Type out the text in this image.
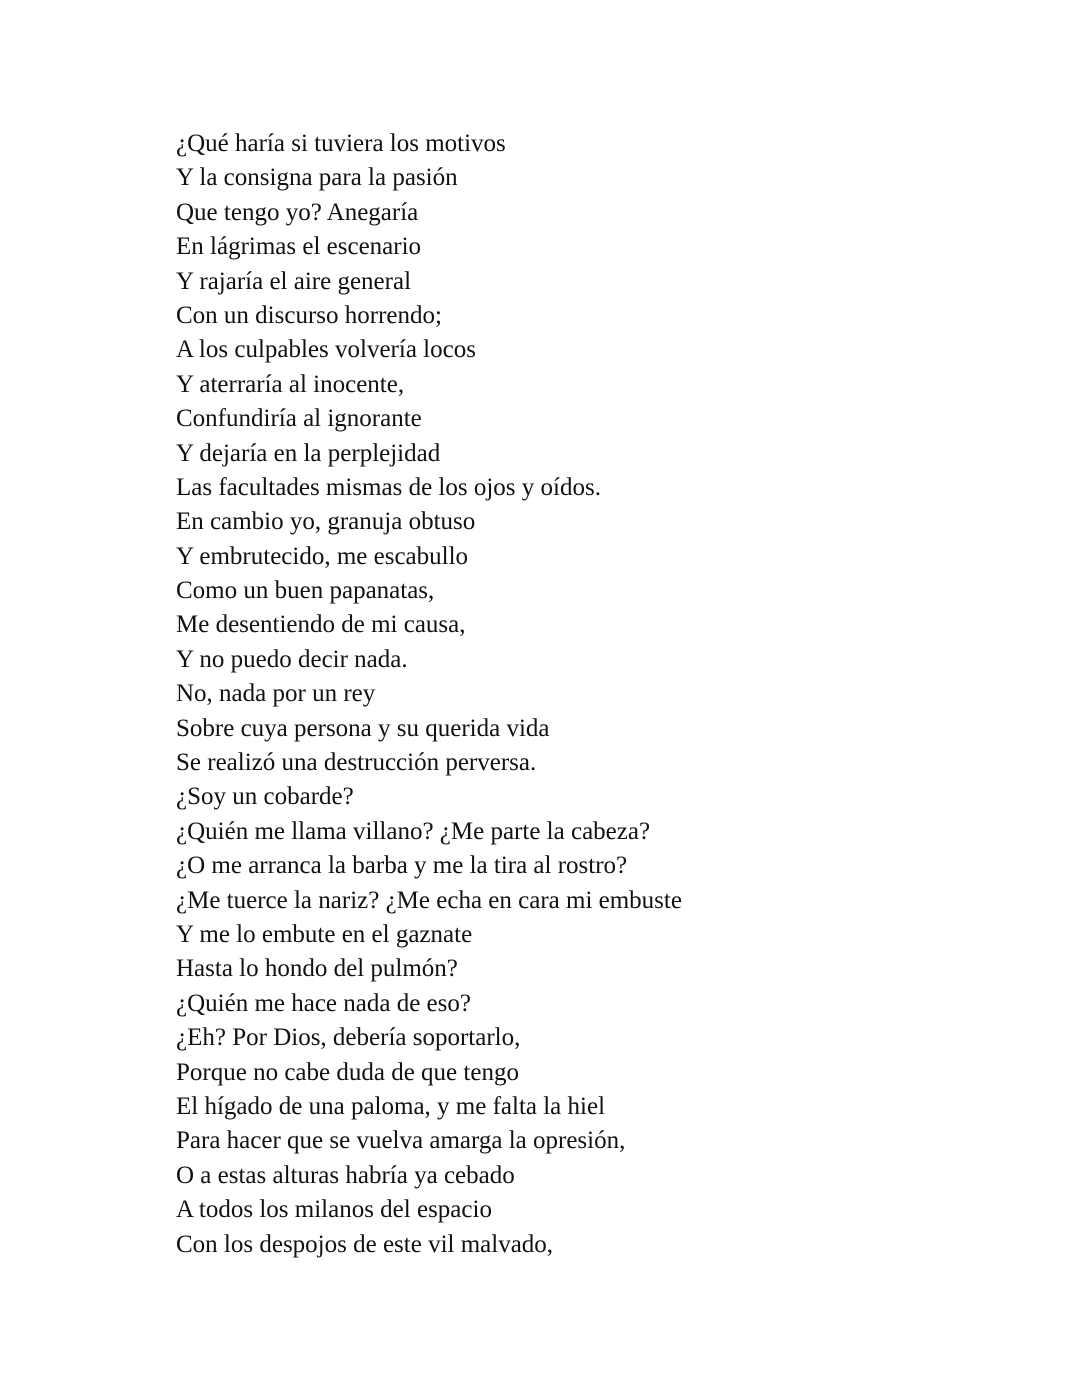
¿Qué haría si tuviera los motivos

Y la consigna para la pasión

Que tengo yo? Anegaría

En lágrimas el escenario

Y rajaría el aire general

Con un discurso horrendo;

A los culpables volvería locos

Y aterraría al inocente,

Confundiría al ignorante

Y dejaría en la perplejidad

Las facultades mismas de los ojos y oídos.

En cambio yo, granuja obtuso

Y embrutecido, me escabullo

Como un buen papanatas,

Me desentiendo de mi causa,

Y no puedo decir nada.

No, nada por un rey

Sobre cuya persona y su querida vida

Se realizó una destrucción perversa.

¿Soy un cobarde?

¿Quién me llama villano? ¿Me parte la cabeza?

¿O me arranca la barba y me la tira al rostro?

¿Me tuerce la nariz? ¿Me echa en cara mi embuste

Y me lo embute en el gaznate

Hasta lo hondo del pulmón?

¿Quién me hace nada de eso?

¿Eh? Por Dios, debería soportarlo,

Porque no cabe duda de que tengo

El hígado de una paloma, y me falta la hiel

Para hacer que se vuelva amarga la opresión,

O a estas alturas habría ya cebado

A todos los milanos del espacio

Con los despojos de este vil malvado,
